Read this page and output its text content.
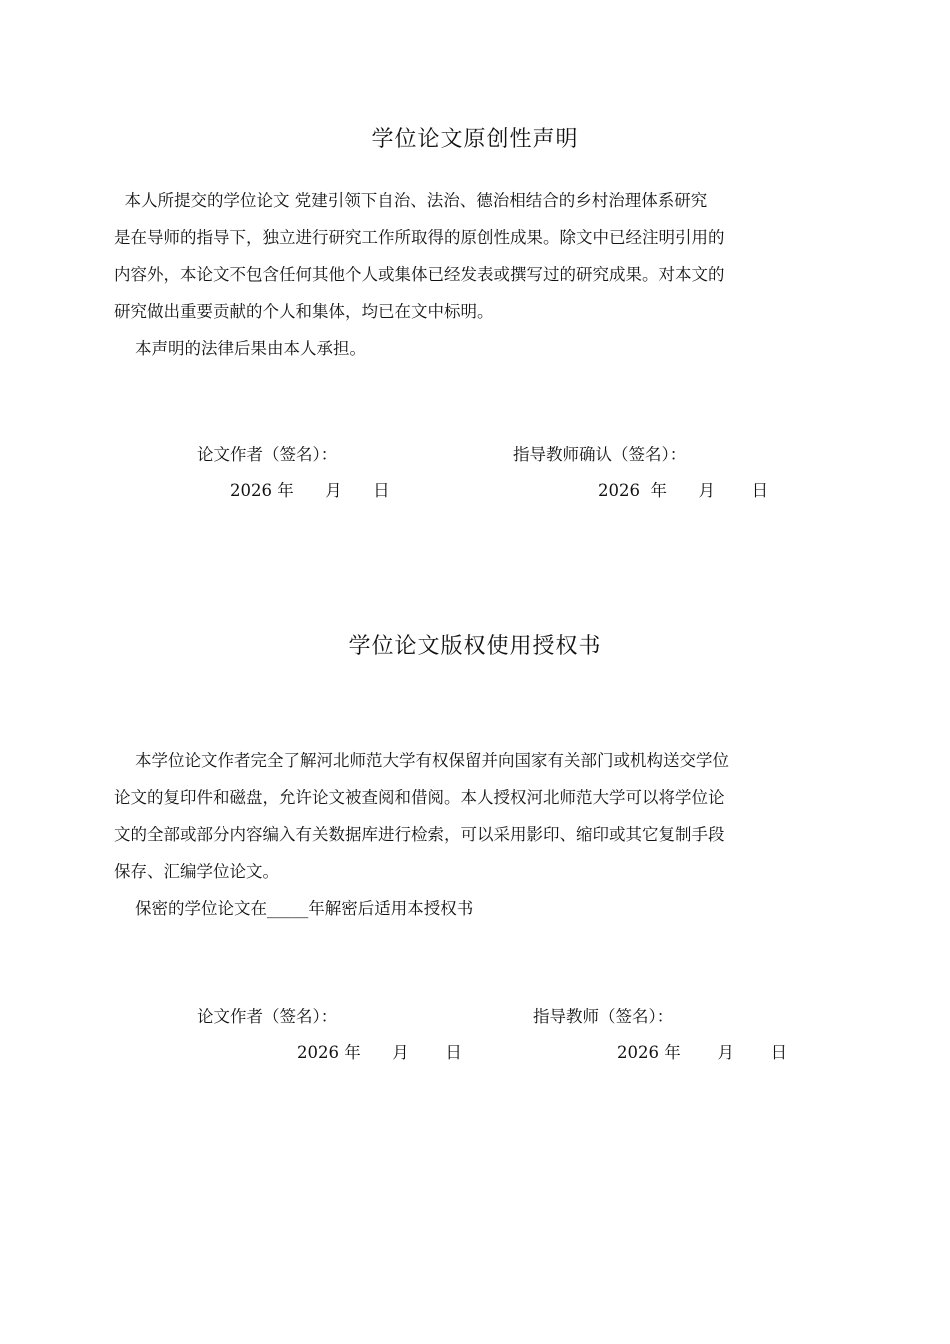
学位论文原创性声明
本人所提交的学位论文 党建引领下自治、法治、德治相结合的乡村治理体系研究
是在导师的指导下，独立进行研究工作所取得的原创性成果。除文中已经注明引用的
内容外，本论文不包含任何其他个人或集体已经发表或撰写过的研究成果。对本文的
研究做出重要贡献的个人和集体，均已在文中标明。
本声明的法律后果由本人承担。
论文作者（签名）：	指导教师确认（签名）：
2026 年      月      日	2026  年      月       日
学位论文版权使用授权书
本学位论文作者完全了解河北师范大学有权保留并向国家有关部门或机构送交学位
论文的复印件和磁盘，允许论文被查阅和借阅。本人授权河北师范大学可以将学位论
文的全部或部分内容编入有关数据库进行检索，可以采用影印、缩印或其它复制手段
保存、汇编学位论文。
保密的学位论文在_____年解密后适用本授权书
论文作者（签名）：	指导教师（签名）：
2026 年      月       日	2026 年       月       日
